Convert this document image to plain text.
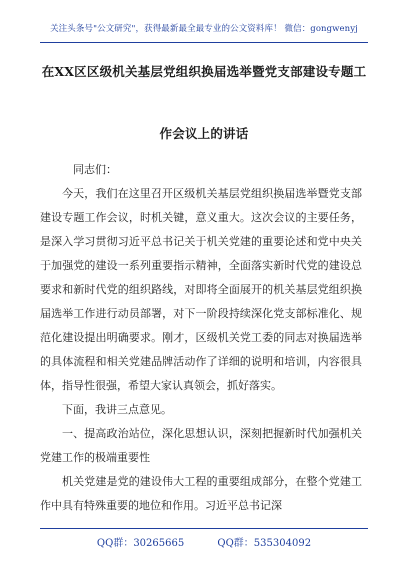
关注头条号"公文研究"，获得最新最全最专业的公文资料库！ 微信：gongwenyj
在XX区区级机关基层党组织换届选举暨党支部建设专题工
作会议上的讲话

同志们：

今天，我们在这里召开区级机关基层党组织换届选举暨党支部建设专题工作会议，时机关键，意义重大。这次会议的主要任务，是深入学习贯彻习近平总书记关于机关党建的重要论述和党中央关于加强党的建设一系列重要指示精神，全面落实新时代党的建设总要求和新时代党的组织路线，对即将全面展开的机关基层党组织换届选举工作进行动员部署，对下一阶段持续深化党支部标准化、规范化建设提出明确要求。刚才，区级机关党工委的同志对换届选举的具体流程和相关党建品牌活动作了详细的说明和培训，内容很具体，指导性很强，希望大家认真领会，抓好落实。

下面，我讲三点意见。

一、提高政治站位，深化思想认识，深刻把握新时代加强机关党建工作的极端重要性

机关党建是党的建设伟大工程的重要组成部分，在整个党建工作中具有特殊重要的地位和作用。习近平总书记深

QQ群：30265665	QQ群：535304092
